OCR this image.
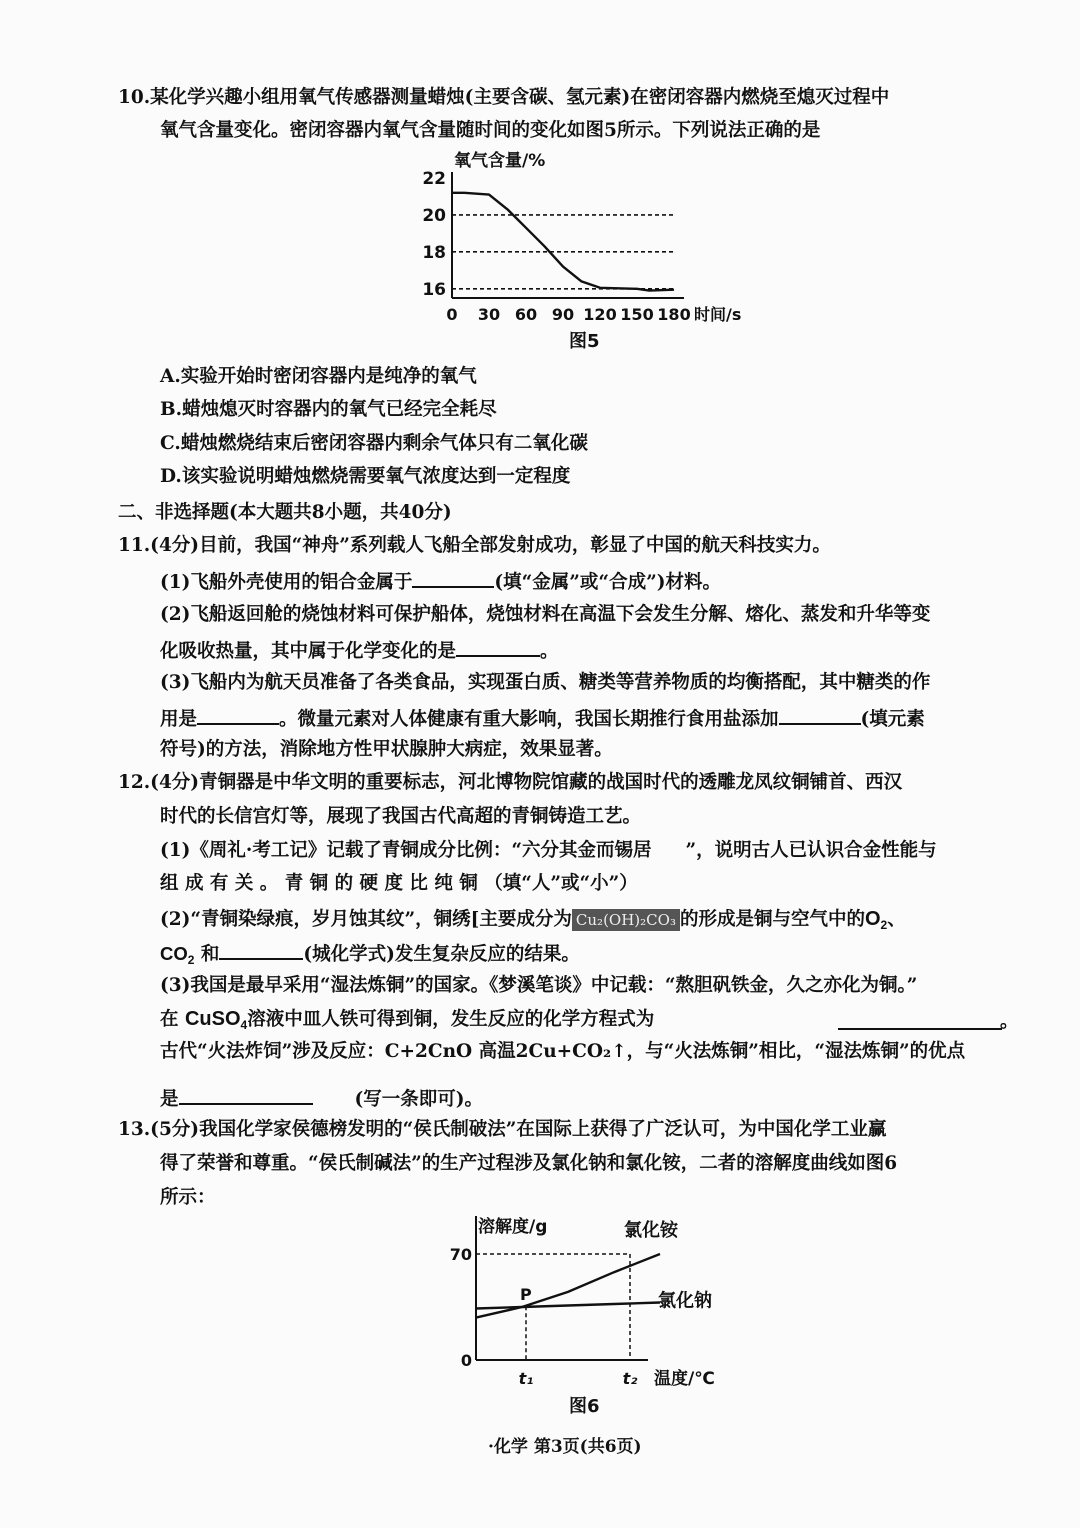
10.某化学兴趣小组用氧气传感器测量蜡烛(主要含碳、氢元素)在密闭容器内燃烧至熄灭过程中
氧气含量变化。密闭容器内氧气含量随时间的变化如图5所示。下列说法正确的是
16
18
20
22
0 30 60 90 120 150 180 时间/s
氧气含量/%
图5
A.实验开始时密闭容器内是纯净的氧气
B.蜡烛熄灭时容器内的氧气已经完全耗尽
C.蜡烛燃烧结束后密闭容器内剩余气体只有二氧化碳
D.该实验说明蜡烛燃烧需要氧气浓度达到一定程度
二、非选择题(本大题共8小题，共40分)
11.(4分)目前，我国“神舟”系列载人飞船全部发射成功，彰显了中国的航天科技实力。
(1)飞船外壳使用的铝合金属于	(填“金属”或“合成”)材料。
(2)飞船返回舱的烧蚀材料可保护船体，烧蚀材料在高温下会发生分解、熔化、蒸发和升华等变
化吸收热量，其中属于化学变化的是	。
(3)飞船内为航天员准备了各类食品，实现蛋白质、糖类等营养物质的均衡搭配，其中糖类的作
用是	。微量元素对人体健康有重大影响，我国长期推行食用盐添加	(填元素
符号)的方法，消除地方性甲状腺肿大病症，效果显著。
12.(4分)青铜器是中华文明的重要标志，河北博物院馆藏的战国时代的透雕龙凤纹铜铺首、西汉
时代的长信宫灯等，展现了我国古代高超的青铜铸造工艺。
(1)《周礼·考工记》记载了青铜成分比例：“六分其金而锡居 ”，说明古人已认识合金性能与
组 成 有 关 。 青 铜 的 硬 度 比 纯 铜 （填“人”或“小”）
(2)“青铜染绿痕，岁月蚀其纹”，铜绣[主要成分为 Cu₂(OH)₂CO₃ 的形成是铜与空气中的$O_2$、
$CO_2$ 和	(城化学式)发生复杂反应的结果。
(3)我国是最早采用“湿法炼铜”的国家。《梦溪笔谈》中记载：“熬胆矾铁金，久之亦化为铜。”
在 CuSO$_4$溶液中皿人铁可得到铜，发生反应的化学方程式为	。
古代“火法炸饲”涉及反应：C+2CnO 高温2Cu+CO₂↑，与“火法炼铜”相比，“湿法炼铜”的优点
是	(写一条即可)。
13.(5分)我国化学家侯德榜发明的“侯氏制破法”在国际上获得了广泛认可，为中国化学工业赢
得了荣誉和尊重。“侯氏制碱法”的生产过程涉及氯化钠和氯化铵，二者的溶解度曲线如图6
所示：
溶解度/g
70
0
t₁	t₂ 温度/℃
P
氯化铵
氯化钠
图6
·化学 第3页(共6页)
